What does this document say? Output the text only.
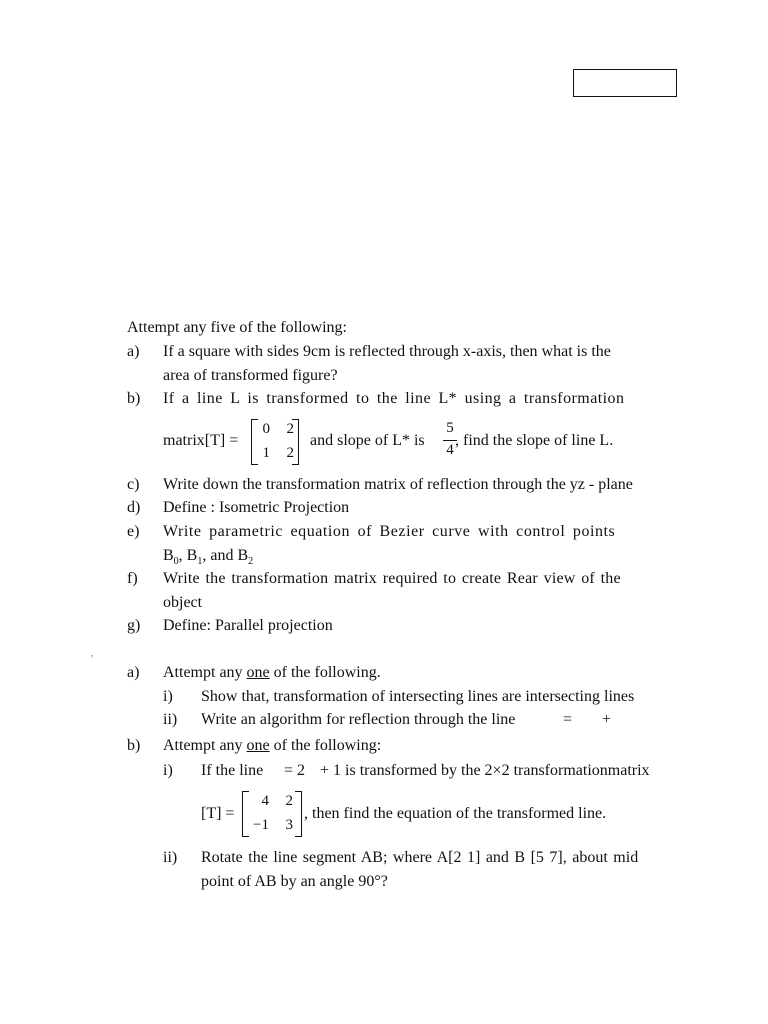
Attempt any five of the following:
a) If a square with sides 9cm is reflected through x-axis, then what is the
area of transformed figure?
b) If a line L is transformed to the line L* using a transformation
matrix[T] =
0	2
1	2
and slope of L* is
5
4
, find the slope of line L.
c) Write down the transformation matrix of reflection through the yz - plane
d) Define : Isometric Projection
e) Write parametric equation of Bezier curve with control points
$B_0$, $B_1$, and $B_2$
f) Write the transformation matrix required to create Rear view of the
object
g) Define: Parallel projection
,
a) Attempt any one of the following.
i) Show that, transformation of intersecting lines are intersecting lines
ii) Write an algorithm for reflection through the line	= +
b) Attempt any one of the following:
i) If the line = 2 + 1 is transformed by the 2×2 transformationmatrix
[T] =
4	2
−1	3
, then find the equation of the transformed line.
ii) Rotate the line segment AB; where A[2 1] and B [5 7], about mid
point of AB by an angle 90°?
